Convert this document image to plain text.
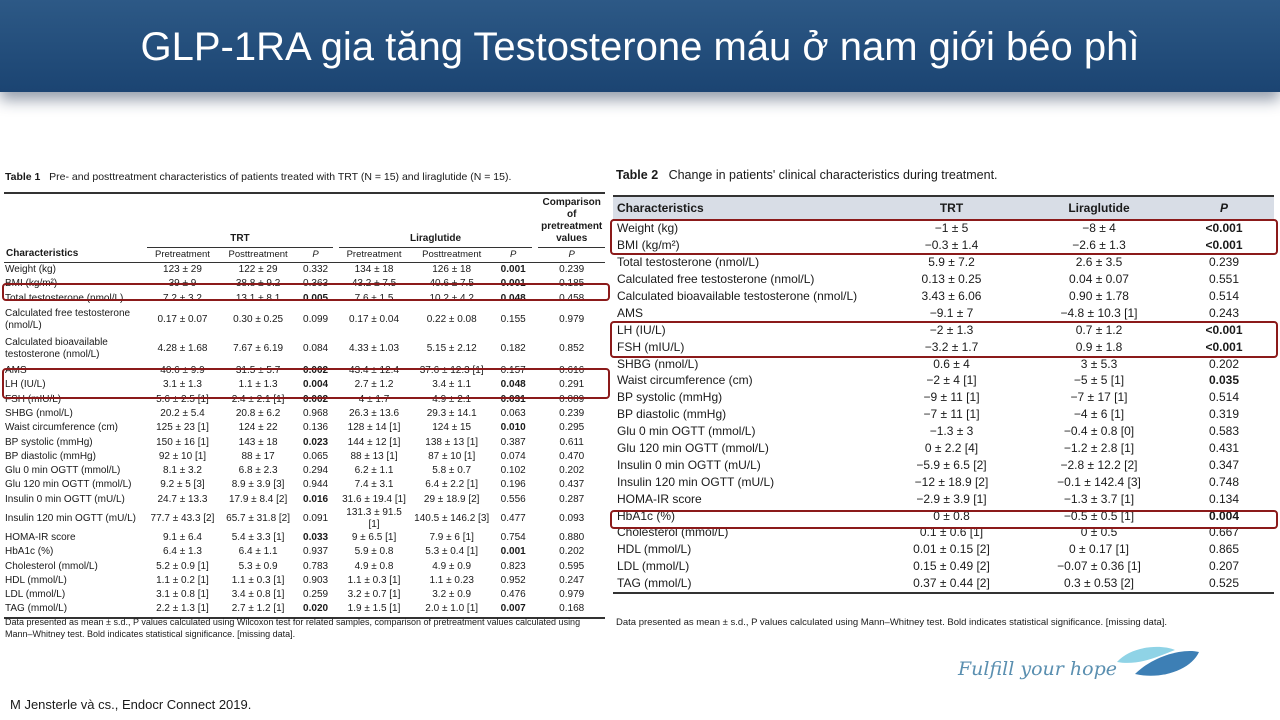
GLP-1RA gia tăng Testosterone máu ở nam giới béo phì
Table 1 Pre- and posttreatment characteristics of patients treated with TRT (N = 15) and liraglutide (N = 15).
Characteristics		TRT				Liraglutide				Comparison of pretreatment values
		Pretreatment	Posttreatment	P		Pretreatment	Posttreatment	P		P
Weight (kg)		123 ± 29	122 ± 29	0.332		134 ± 18	126 ± 18	0.001		0.239
BMI (kg/m²)		39 ± 9	38.8 ± 9.2	0.363		43.2 ± 7.5	40.6 ± 7.5	0.001		0.185
Total testosterone (nmol/L)		7.2 ± 3.2	13.1 ± 8.1	0.005		7.6 ± 1.5	10.2 ± 4.2	0.048		0.458
Calculated free testosterone (nmol/L)		0.17 ± 0.07	0.30 ± 0.25	0.099		0.17 ± 0.04	0.22 ± 0.08	0.155		0.979
Calculated bioavailable testosterone (nmol/L)		4.28 ± 1.68	7.67 ± 6.19	0.084		4.33 ± 1.03	5.15 ± 2.12	0.182		0.852
AMS		40.6 ± 9.9	31.5 ± 5.7	0.002		43.4 ± 12.4	37.6 ± 12.3 [1]	0.157		0.616
LH (IU/L)		3.1 ± 1.3	1.1 ± 1.3	0.004		2.7 ± 1.2	3.4 ± 1.1	0.048		0.291
FSH (mIU/L)		5.6 ± 2.5 [1]	2.4 ± 2.1 [1]	0.002		4 ± 1.7	4.9 ± 2.1	0.031		0.089
SHBG (nmol/L)		20.2 ± 5.4	20.8 ± 6.2	0.968		26.3 ± 13.6	29.3 ± 14.1	0.063		0.239
Waist circumference (cm)		125 ± 23 [1]	124 ± 22	0.136		128 ± 14 [1]	124 ± 15	0.010		0.295
BP systolic (mmHg)		150 ± 16 [1]	143 ± 18	0.023		144 ± 12 [1]	138 ± 13 [1]	0.387		0.611
BP diastolic (mmHg)		92 ± 10 [1]	88 ± 17	0.065		88 ± 13 [1]	87 ± 10 [1]	0.074		0.470
Glu 0 min OGTT (mmol/L)		8.1 ± 3.2	6.8 ± 2.3	0.294		6.2 ± 1.1	5.8 ± 0.7	0.102		0.202
Glu 120 min OGTT (mmol/L)		9.2 ± 5 [3]	8.9 ± 3.9 [3]	0.944		7.4 ± 3.1	6.4 ± 2.2 [1]	0.196		0.437
Insulin 0 min OGTT (mU/L)		24.7 ± 13.3	17.9 ± 8.4 [2]	0.016		31.6 ± 19.4 [1]	29 ± 18.9 [2]	0.556		0.287
Insulin 120 min OGTT (mU/L)		77.7 ± 43.3 [2]	65.7 ± 31.8 [2]	0.091		131.3 ± 91.5 [1]	140.5 ± 146.2 [3]	0.477		0.093
HOMA-IR score		9.1 ± 6.4	5.4 ± 3.3 [1]	0.033		9 ± 6.5 [1]	7.9 ± 6 [1]	0.754		0.880
HbA1c (%)		6.4 ± 1.3	6.4 ± 1.1	0.937		5.9 ± 0.8	5.3 ± 0.4 [1]	0.001		0.202
Cholesterol (mmol/L)		5.2 ± 0.9 [1]	5.3 ± 0.9	0.783		4.9 ± 0.8	4.9 ± 0.9	0.823		0.595
HDL (mmol/L)		1.1 ± 0.2 [1]	1.1 ± 0.3 [1]	0.903		1.1 ± 0.3 [1]	1.1 ± 0.23	0.952		0.247
LDL (mmol/L)		3.1 ± 0.8 [1]	3.4 ± 0.8 [1]	0.259		3.2 ± 0.7 [1]	3.2 ± 0.9	0.476		0.979
TAG (mmol/L)		2.2 ± 1.3 [1]	2.7 ± 1.2 [1]	0.020		1.9 ± 1.5 [1]	2.0 ± 1.0 [1]	0.007		0.168
Table 2 Change in patients' clinical characteristics during treatment.
Characteristics	TRT	Liraglutide	P
Weight (kg)	−1 ± 5	−8 ± 4	<0.001
BMI (kg/m²)	−0.3 ± 1.4	−2.6 ± 1.3	<0.001
Total testosterone (nmol/L)	5.9 ± 7.2	2.6 ± 3.5	0.239
Calculated free testosterone (nmol/L)	0.13 ± 0.25	0.04 ± 0.07	0.551
Calculated bioavailable testosterone (nmol/L)	3.43 ± 6.06	0.90 ± 1.78	0.514
AMS	−9.1 ± 7	−4.8 ± 10.3 [1]	0.243
LH (IU/L)	−2 ± 1.3	0.7 ± 1.2	<0.001
FSH (mIU/L)	−3.2 ± 1.7	0.9 ± 1.8	<0.001
SHBG (nmol/L)	0.6 ± 4	3 ± 5.3	0.202
Waist circumference (cm)	−2 ± 4 [1]	−5 ± 5 [1]	0.035
BP systolic (mmHg)	−9 ± 11 [1]	−7 ± 17 [1]	0.514
BP diastolic (mmHg)	−7 ± 11 [1]	−4 ± 6 [1]	0.319
Glu 0 min OGTT (mmol/L)	−1.3 ± 3	−0.4 ± 0.8 [0]	0.583
Glu 120 min OGTT (mmol/L)	0 ± 2.2 [4]	−1.2 ± 2.8 [1]	0.431
Insulin 0 min OGTT (mU/L)	−5.9 ± 6.5 [2]	−2.8 ± 12.2 [2]	0.347
Insulin 120 min OGTT (mU/L)	−12 ± 18.9 [2]	−0.1 ± 142.4 [3]	0.748
HOMA-IR score	−2.9 ± 3.9 [1]	−1.3 ± 3.7 [1]	0.134
HbA1c (%)	0 ± 0.8	−0.5 ± 0.5 [1]	0.004
Cholesterol (mmol/L)	0.1 ± 0.6 [1]	0 ± 0.5	0.667
HDL (mmol/L)	0.01 ± 0.15 [2]	0 ± 0.17 [1]	0.865
LDL (mmol/L)	0.15 ± 0.49 [2]	−0.07 ± 0.36 [1]	0.207
TAG (mmol/L)	0.37 ± 0.44 [2]	0.3 ± 0.53 [2]	0.525
Data presented as mean ± s.d., P values calculated using Wilcoxon test for related samples, comparison of pretreatment values calculated using Mann–Whitney test. Bold indicates statistical significance. [missing data].
Data presented as mean ± s.d., P values calculated using Mann–Whitney test. Bold indicates statistical significance. [missing data].
Fulfill your hope
M Jensterle và cs., Endocr Connect 2019.
